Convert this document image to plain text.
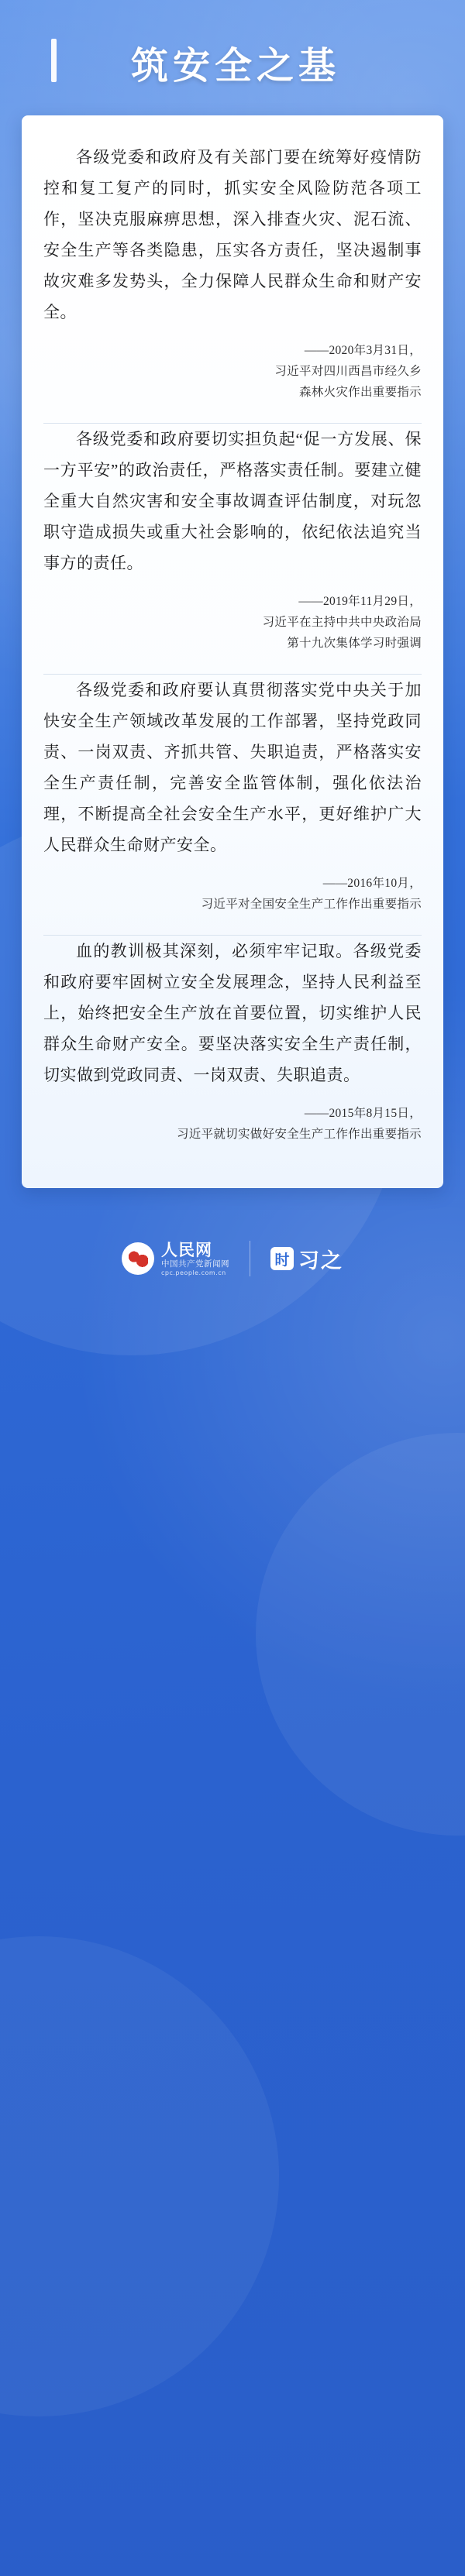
筑安全之基

各级党委和政府及有关部门要在统筹好疫情防控和复工复产的同时，抓实安全风险防范各项工作，坚决克服麻痹思想，深入排查火灾、泥石流、安全生产等各类隐患，压实各方责任，坚决遏制事故灾难多发势头，全力保障人民群众生命和财产安全。

——2020年3月31日，

习近平对四川西昌市经久乡

森林火灾作出重要指示

各级党委和政府要切实担负起“促一方发展、保一方平安”的政治责任，严格落实责任制。要建立健全重大自然灾害和安全事故调查评估制度，对玩忽职守造成损失或重大社会影响的，依纪依法追究当事方的责任。

——2019年11月29日，

习近平在主持中共中央政治局

第十九次集体学习时强调

各级党委和政府要认真贯彻落实党中央关于加快安全生产领域改革发展的工作部署，坚持党政同责、一岗双责、齐抓共管、失职追责，严格落实安全生产责任制，完善安全监管体制，强化依法治理，不断提高全社会安全生产水平，更好维护广大人民群众生命财产安全。

——2016年10月，

习近平对全国安全生产工作作出重要指示

血的教训极其深刻，必须牢牢记取。各级党委和政府要牢固树立安全发展理念，坚持人民利益至上，始终把安全生产放在首要位置，切实维护人民群众生命财产安全。要坚决落实安全生产责任制，切实做到党政同责、一岗双责、失职追责。

——2015年8月15日，

习近平就切实做好安全生产工作作出重要指示

人民网
中国共产党新闻网
cpc.people.com.cn
时 习之
